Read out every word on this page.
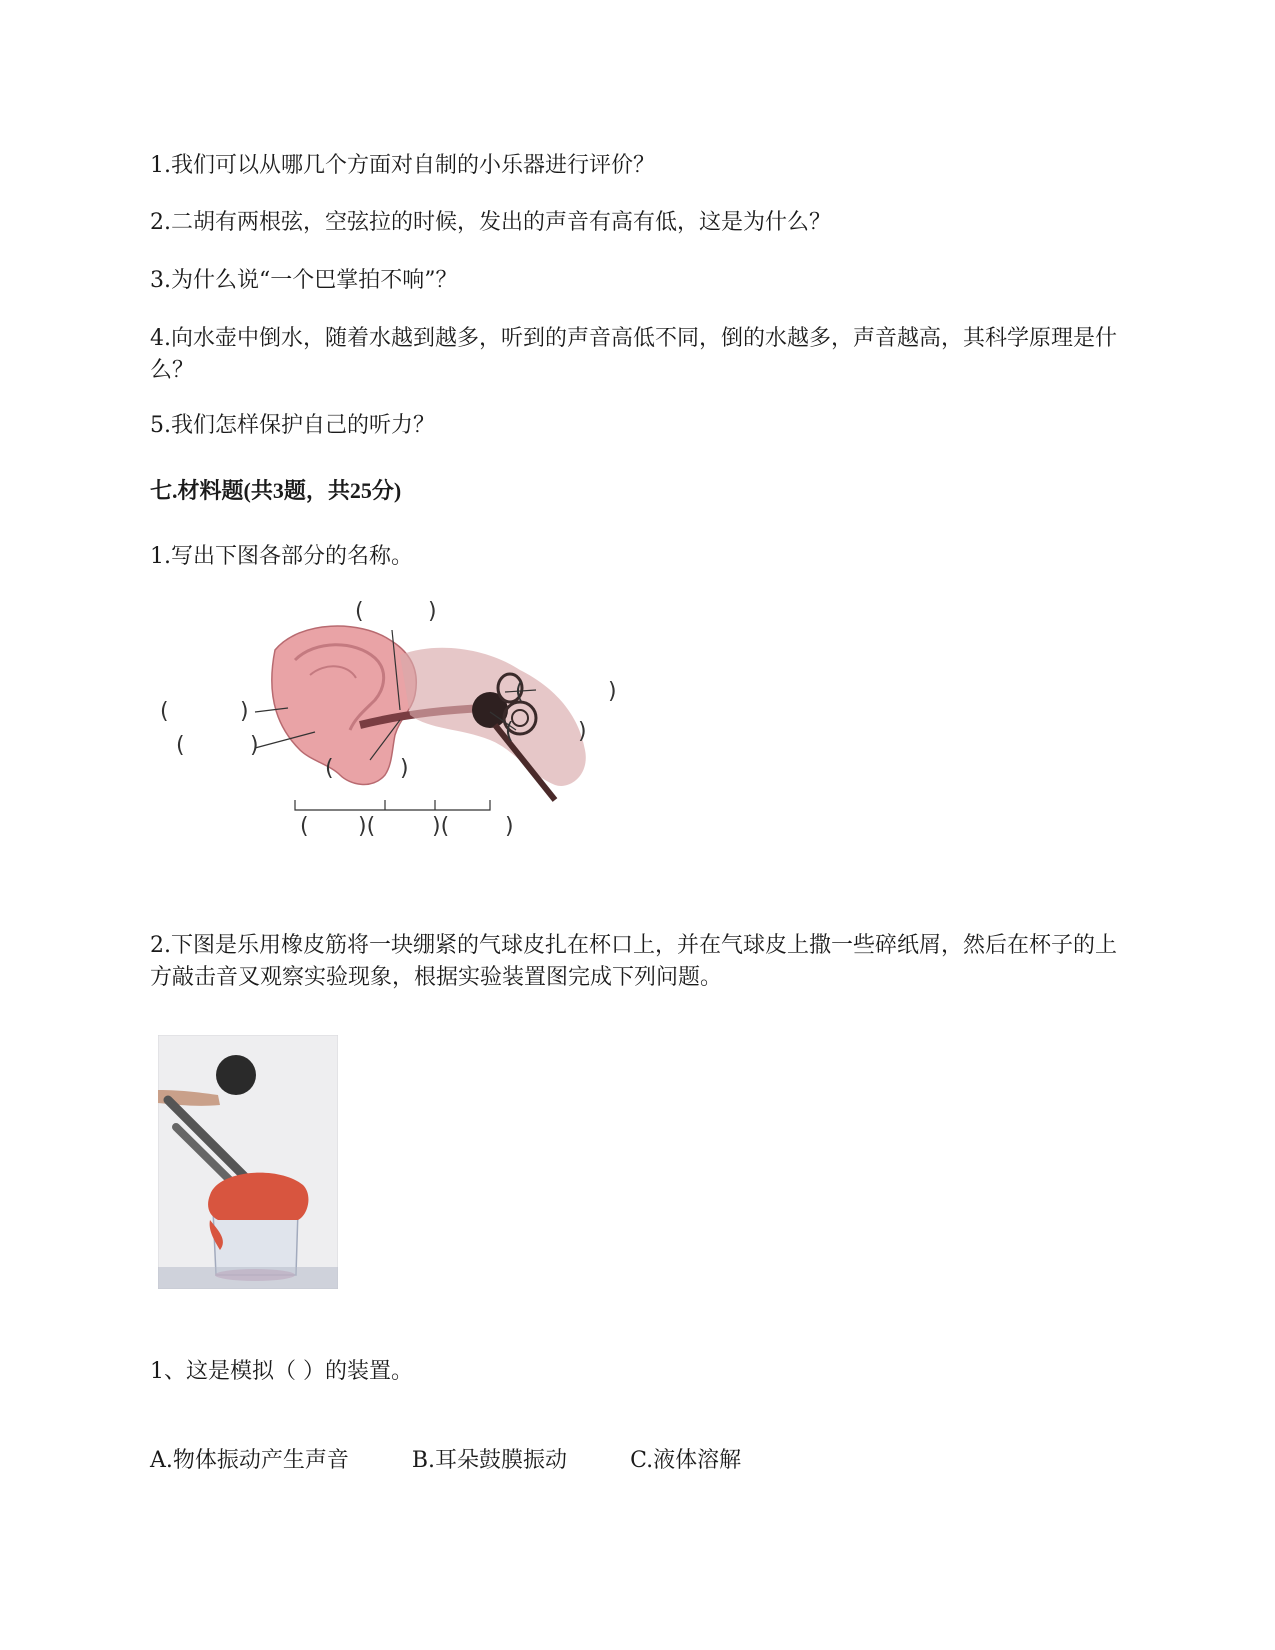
1.我们可以从哪几个方面对自制的小乐器进行评价？
2.二胡有两根弦，空弦拉的时候，发出的声音有高有低，这是为什么？
3.为什么说“一个巴掌拍不响”？
4.向水壶中倒水，随着水越到越多，听到的声音高低不同，倒的水越多，声音越高，其科学原理是什么？
5.我们怎样保护自己的听力？
七.材料题(共3题，共25分)
1.写出下图各部分的名称。
(	)
(	)
(	)
(	)
(	)
(	)
( )(	)(	)
2.下图是乐用橡皮筋将一块绷紧的气球皮扎在杯口上，并在气球皮上撒一些碎纸屑，然后在杯子的上方敲击音叉观察实验现象，根据实验装置图完成下列问题。
1、这是模拟（ ）的装置。
A.物体振动产生声音	B.耳朵鼓膜振动	C.液体溶解
